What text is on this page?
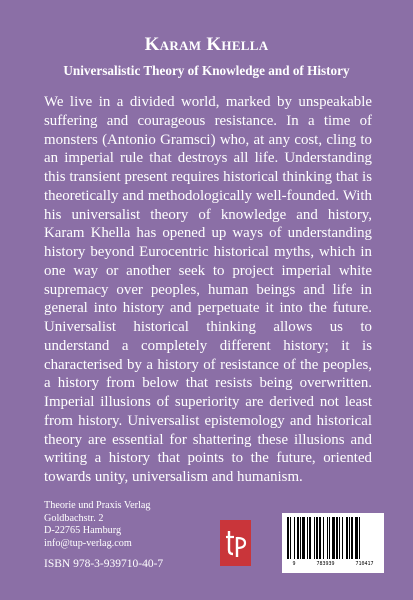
Karam Khella
Universalistic Theory of Knowledge and of History
We live in a divided world, marked by unspeakable suffering and courageous resistance. In a time of monsters (Antonio Gramsci) who, at any cost, cling to an imperial rule that destroys all life. Understanding this transient present requires historical thinking that is theoretically and methodologically well-founded. With his universalist theory of knowledge and history, Karam Khella has opened up ways of understanding history beyond Eurocentric historical myths, which in one way or another seek to project imperial white supremacy over peoples, human beings and life in general into history and perpetuate it into the future. Universalist historical thinking allows us to understand a completely different history; it is characterised by a history of resistance of the peoples, a history from below that resists being overwritten. Imperial illusions of superiority are derived not least from history. Universalist epistemology and historical theory are essential for shattering these illusions and writing a history that points to the future, oriented towards unity, universalism and humanism.
Theorie und Praxis Verlag
Goldbachstr. 2
D-22765 Hamburg
info@tup-verlag.com
ISBN 978-3-939710-40-7	9	783939	710417
